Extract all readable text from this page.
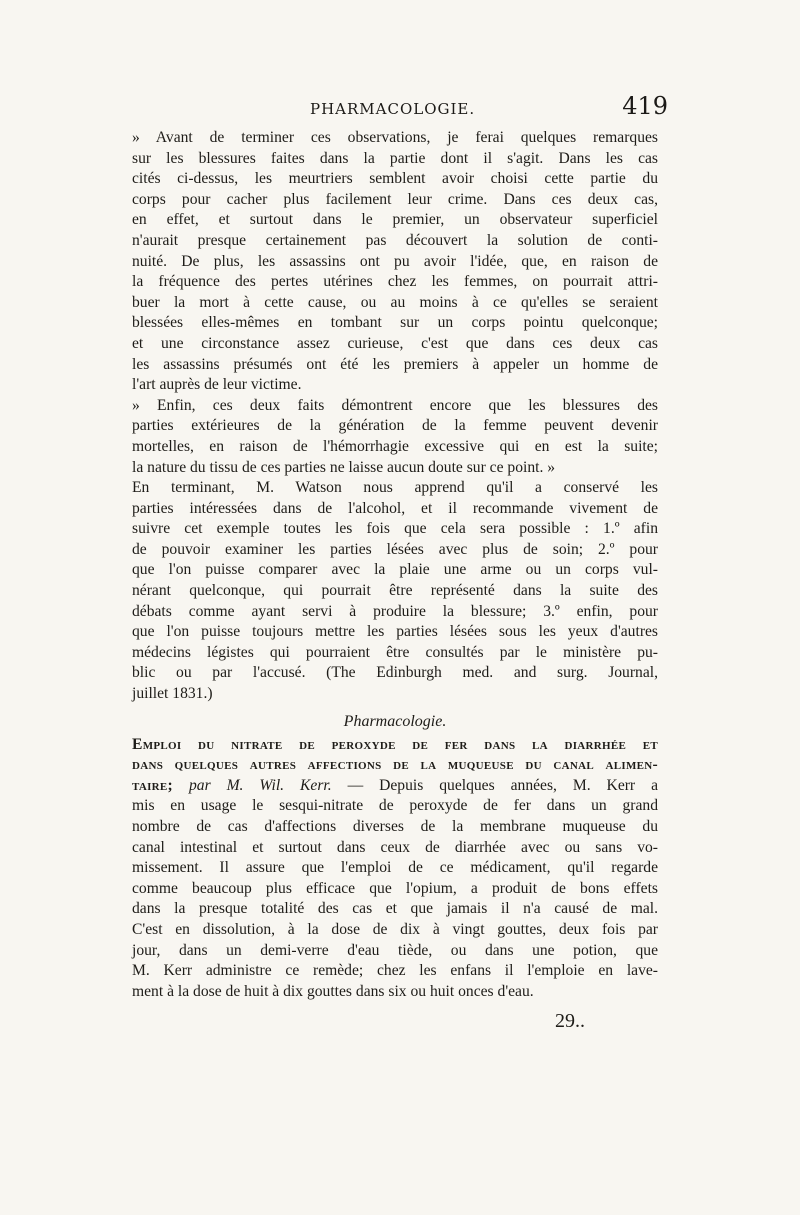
PHARMACOLOGIE.	419
» Avant de terminer ces observations, je ferai quelques remarques
sur les blessures faites dans la partie dont il s'agit. Dans les cas
cités ci-dessus, les meurtriers semblent avoir choisi cette partie du
corps pour cacher plus facilement leur crime. Dans ces deux cas,
en effet, et surtout dans le premier, un observateur superficiel
n'aurait presque certainement pas découvert la solution de conti-
nuité. De plus, les assassins ont pu avoir l'idée, que, en raison de
la fréquence des pertes utérines chez les femmes, on pourrait attri-
buer la mort à cette cause, ou au moins à ce qu'elles se seraient
blessées elles-mêmes en tombant sur un corps pointu quelconque;
et une circonstance assez curieuse, c'est que dans ces deux cas
les assassins présumés ont été les premiers à appeler un homme de
l'art auprès de leur victime.
» Enfin, ces deux faits démontrent encore que les blessures des
parties extérieures de la génération de la femme peuvent devenir
mortelles, en raison de l'hémorrhagie excessive qui en est la suite;
la nature du tissu de ces parties ne laisse aucun doute sur ce point. »
En terminant, M. Watson nous apprend qu'il a conservé les
parties intéressées dans de l'alcohol, et il recommande vivement de
suivre cet exemple toutes les fois que cela sera possible : 1.º afin
de pouvoir examiner les parties lésées avec plus de soin; 2.º pour
que l'on puisse comparer avec la plaie une arme ou un corps vul-
nérant quelconque, qui pourrait être représenté dans la suite des
débats comme ayant servi à produire la blessure; 3.º enfin, pour
que l'on puisse toujours mettre les parties lésées sous les yeux d'autres
médecins légistes qui pourraient être consultés par le ministère pu-
blic ou par l'accusé. (The Edinburgh med. and surg. Journal,
juillet 1831.)
Pharmacologie.
Emploi du nitrate de peroxyde de fer dans la diarrhée et
dans quelques autres affections de la muqueuse du canal alimen-
taire; par M. Wil. Kerr. — Depuis quelques années, M. Kerr a
mis en usage le sesqui-nitrate de peroxyde de fer dans un grand
nombre de cas d'affections diverses de la membrane muqueuse du
canal intestinal et surtout dans ceux de diarrhée avec ou sans vo-
missement. Il assure que l'emploi de ce médicament, qu'il regarde
comme beaucoup plus efficace que l'opium, a produit de bons effets
dans la presque totalité des cas et que jamais il n'a causé de mal.
C'est en dissolution, à la dose de dix à vingt gouttes, deux fois par
jour, dans un demi-verre d'eau tiède, ou dans une potion, que
M. Kerr administre ce remède; chez les enfans il l'emploie en lave-
ment à la dose de huit à dix gouttes dans six ou huit onces d'eau.
29..
